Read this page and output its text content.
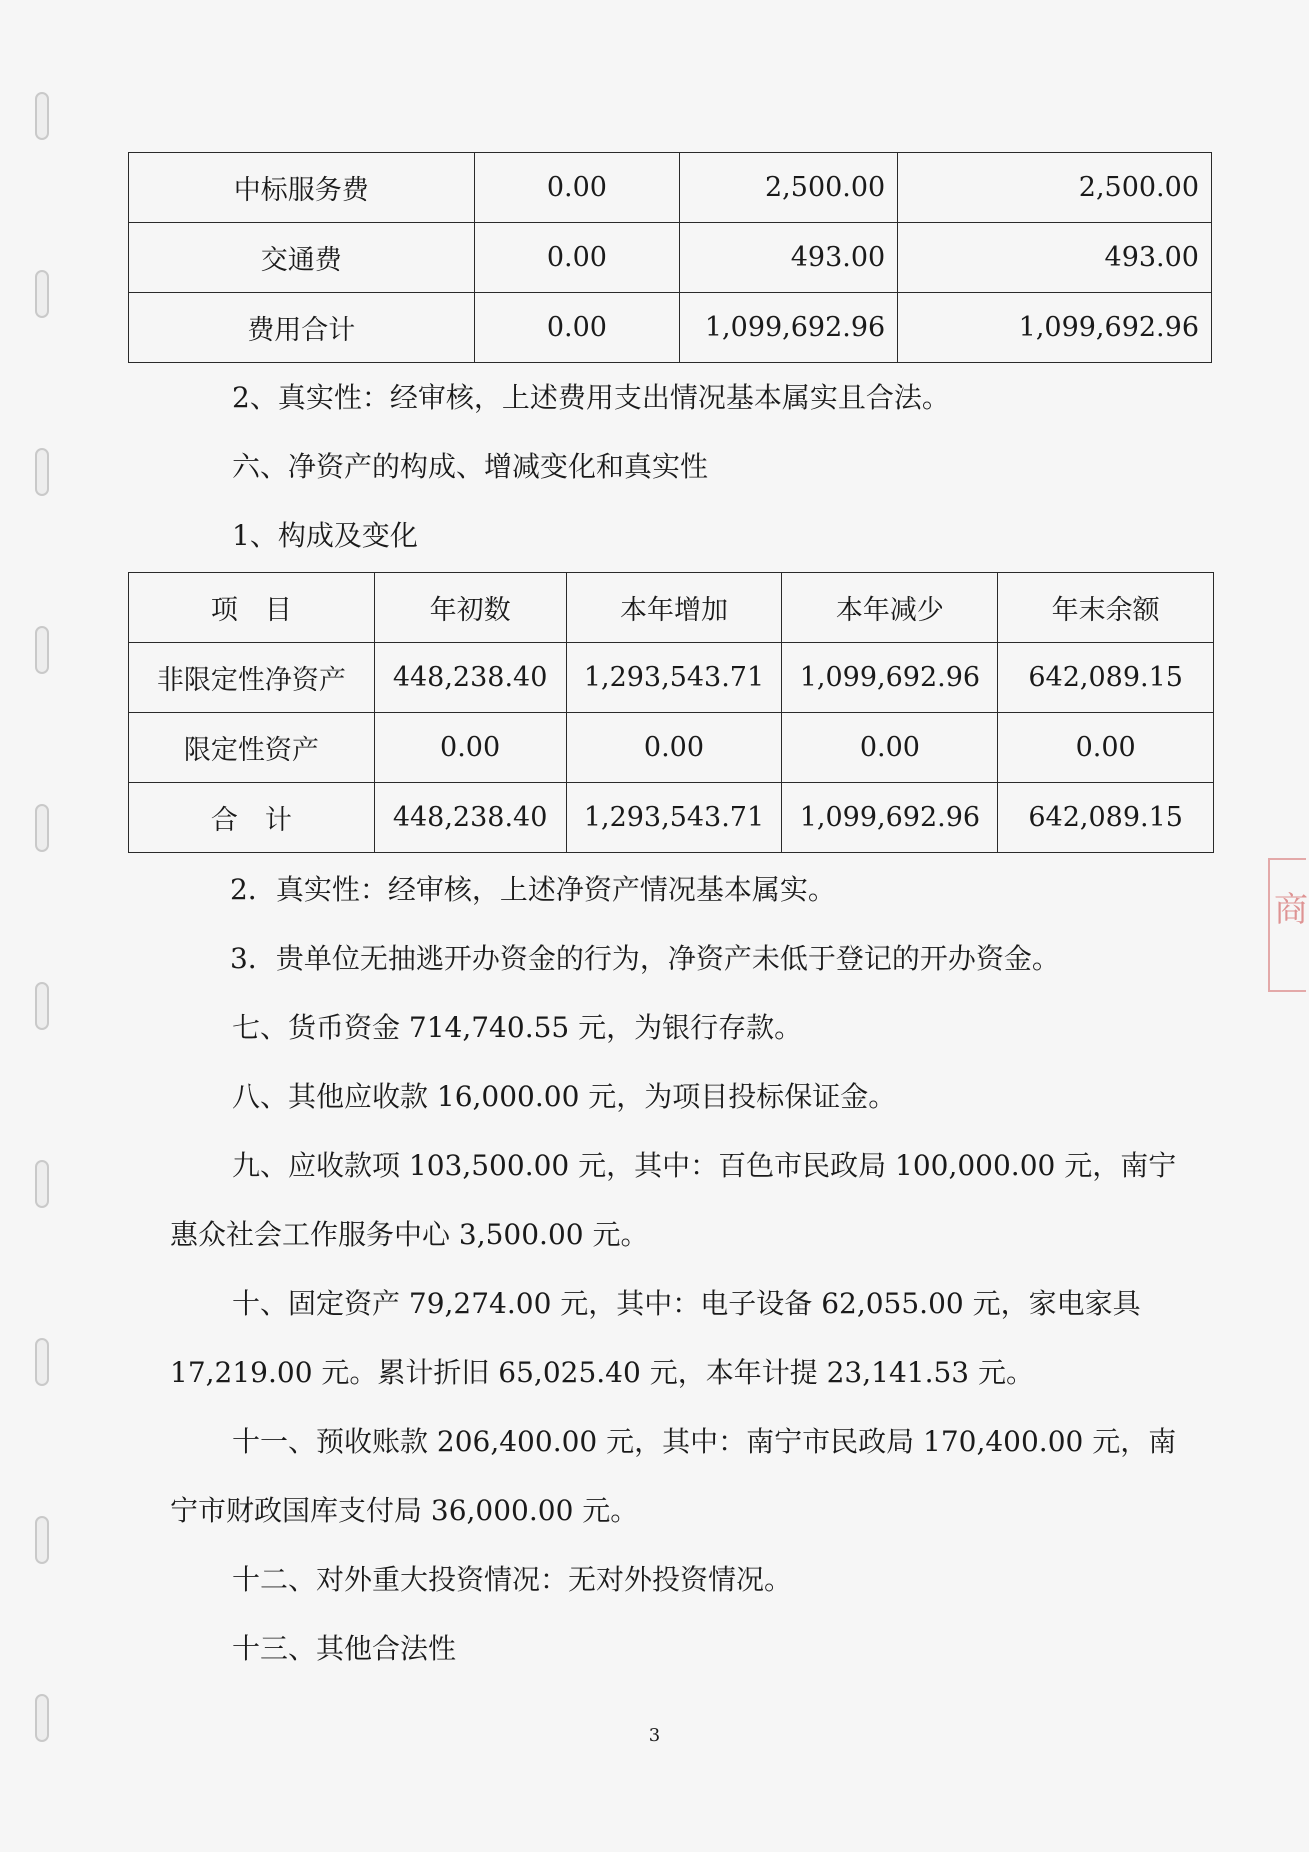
中标服务费	0.00	2,500.00	2,500.00
交通费	0.00	493.00	493.00
费用合计	0.00	1,099,692.96	1,099,692.96
2、真实性：经审核，上述费用支出情况基本属实且合法。
六、净资产的构成、增减变化和真实性
1、构成及变化
项　目	年初数	本年增加	本年减少	年末余额
非限定性净资产	448,238.40	1,293,543.71	1,099,692.96	642,089.15
限定性资产	0.00	0.00	0.00	0.00
合　计	448,238.40	1,293,543.71	1,099,692.96	642,089.15
2．真实性：经审核，上述净资产情况基本属实。
3．贵单位无抽逃开办资金的行为，净资产未低于登记的开办资金。
七、货币资金 714,740.55 元，为银行存款。
八、其他应收款 16,000.00 元，为项目投标保证金。
九、应收款项 103,500.00 元，其中：百色市民政局 100,000.00 元，南宁
惠众社会工作服务中心 3,500.00 元。
十、固定资产 79,274.00 元，其中：电子设备 62,055.00 元，家电家具
17,219.00 元。累计折旧 65,025.40 元，本年计提 23,141.53 元。
十一、预收账款 206,400.00 元，其中：南宁市民政局 170,400.00 元，南
宁市财政国库支付局 36,000.00 元。
十二、对外重大投资情况：无对外投资情况。
十三、其他合法性
3
商
